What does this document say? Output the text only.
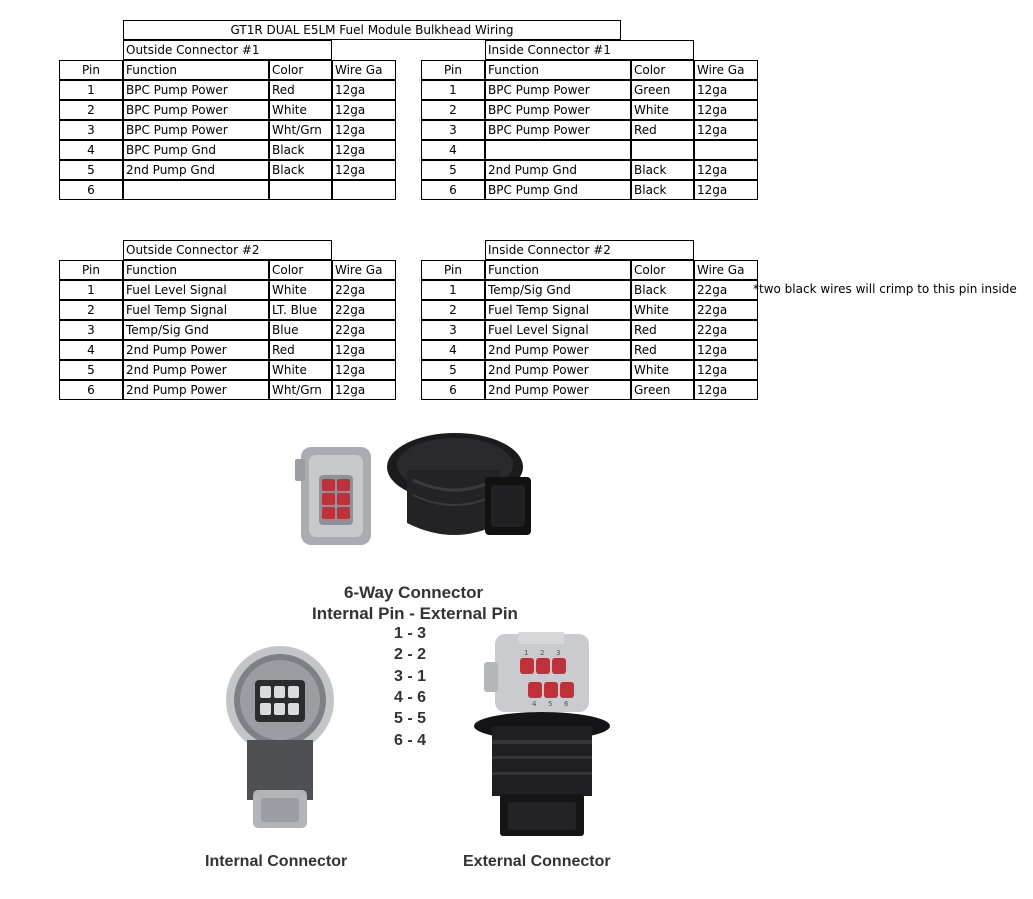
GT1R DUAL E5LM Fuel Module Bulkhead Wiring
Outside Connector #1
Pin	Function	Color	Wire Ga
1	BPC Pump Power	Red	12ga
2	BPC Pump Power	White	12ga
3	BPC Pump Power	Wht/Grn	12ga
4	BPC Pump Gnd	Black	12ga
5	2nd Pump Gnd	Black	12ga
6
Inside Connector #1
Pin	Function	Color	Wire Ga
1	BPC Pump Power	Green	12ga
2	BPC Pump Power	White	12ga
3	BPC Pump Power	Red	12ga
4
5	2nd Pump Gnd	Black	12ga
6	BPC Pump Gnd	Black	12ga
Outside Connector #2
Pin	Function	Color	Wire Ga
1	Fuel Level Signal	White	22ga
2	Fuel Temp Signal	LT. Blue	22ga
3	Temp/Sig Gnd	Blue	22ga
4	2nd Pump Power	Red	12ga
5	2nd Pump Power	White	12ga
6	2nd Pump Power	Wht/Grn	12ga
Inside Connector #2
Pin	Function	Color	Wire Ga
1	Temp/Sig Gnd	Black	22ga
2	Fuel Temp Signal	White	22ga
3	Fuel Level Signal	Red	22ga
4	2nd Pump Power	Red	12ga
5	2nd Pump Power	White	12ga
6	2nd Pump Power	Green	12ga
*two black wires will crimp to this pin inside
6-Way Connector
Internal Pin - External Pin
1 - 3
2 - 2
3 - 1
4 - 6
5 - 5
6 - 4
1 2 3
4 5 6
Internal Connector	External Connector
